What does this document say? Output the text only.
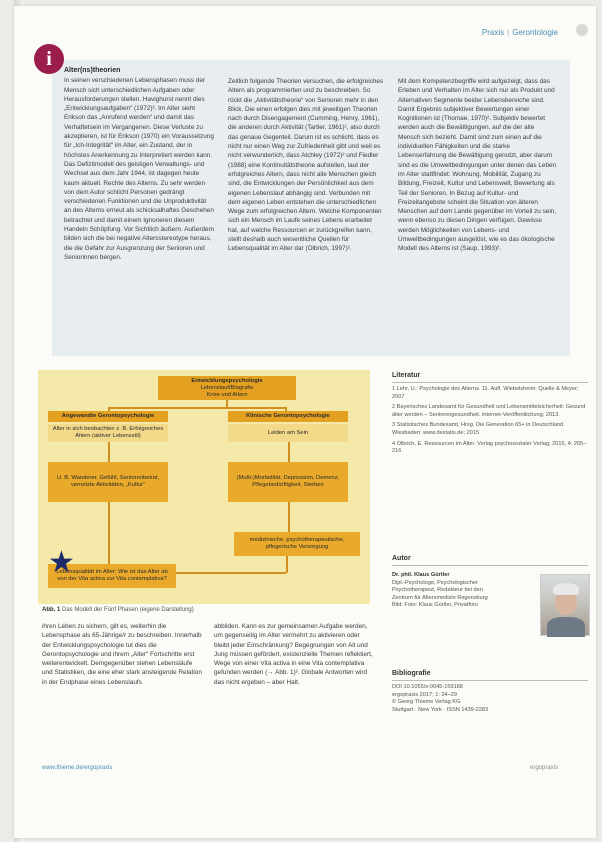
Praxis | Gerontologie
i
Alter(ns)theorien

In seinen verschiedenen Lebensphasen muss der Mensch sich unterschiedlichen Aufgaben oder Herausforderungen stellen. Havighurst nennt dies „Entwicklungsaufgaben“ (1972)². Im Alter sieht Erikson das „Anrufend werden“ und damit das Verhaftetsein im Vergangenen. Diese Verluste zu akzeptieren, ist für Erikson (1970) ein Voraussetzung für „Ich-Integrität“ im Alter, ein Zustand, der in höchstes Anerkennung zu Interpretiert werden kann. Das Defizitmodell des geistigen Verwaltungs- und Wechsel aus dem Jahr 1944, ist dagegen heute kaum aktuell. Rechte des Alterns. Zu sehr werden von dem Autor schlicht Personen gedrängt verschiedenen Funktionen und die Unproduktivität an des Alterns erneut als schicksalhaftes Geschehen betrachtet und damit einem Ignorieren diesem Handeln Schöpfung. Vor Sichtlich äußern. Außerdem bilden sich die bei negative Altersstereotype heraus, die die Gefahr zur Ausgrenzung der Senioren und Seniorinnen bergen.

Zeitlich folgende Theorien versuchen, die erfolgreiches Altern als programmierten und zu beschreiben. So rückt die „Aktivitätstheorie“ von Senioren mehr in den Blick. Die einen erfolgen dies mit jeweiligen Theorien nach durch Disengagement (Cumming, Henry, 1961), die anderen durch Aktivität (Tartler, 1961)², also durch das genaue Gegenteil. Darum ist es schlicht, dass es nicht nur einen Weg zur Zufriedenheit gibt und weil es nicht verwunderlich, dass Atchley (1972)² und Fiedler (1988) eine Kontinuitätstheorie aufstellen, laut der erfolgreiches Altern, dass nicht alle Menschen gleich sind, die Entwicklungen der Persönlichkeit aus dem eigenen Lebenslauf abhängig sind. Verbunden mit dem eigenen Leben entstehen die unterschiedlichen Wege zum erfolgreichen Altern. Welche Komponenten sich ein Mensch im Laufe seines Lebens erarbeitet hat, auf welche Ressourcen er zurückgreifen kann, stellt deshalb auch wesentliche Quellen für Lebensqualität im Alter dar (Olbrich, 1997)².

Mit dem Kompetenzbegriffe wird aufgezeigt, dass das Erleben und Verhalten im Alter sich nur als Produkt und Alternativen Segmente beider Lebensbereiche sind. Damit Ergebnis subjektiver Bewertungen einer Kognitionen ist (Thomae, 1970)². Subjektiv bewertet werden auch die Bewältigungen, auf die der alte Mensch sich bezieht. Damit sind zum einen auf die individuellen Fähigkeiten und die starke Lebenserfahrung die Bewältigung genutzt, aber darum sind es die Umweltbedingungen unter denen das Leben im Alter stattfindet: Wohnung, Mobilität, Zugang zu Bildung, Freizeit, Kultur und Lebenswelt, Bewertung als Teil der Senioren. In Bezug auf Kultur- und Freizeitangebote scheint die Situation von älteren Menschen auf dem Lande gegenüber im Vorteil zu sein, wenn ebenso zu diesen Dingen verfügen. Gewisse werden Möglichkeiten von Lebens- und Umweltbedingungen ausgelöst, wie es das ökologische Modell des Alterns ist (Saup, 1993)².

Entwicklungspsychologie
Lebenslauf/Biografie
Krise und Altern
Angewandte Gerontopsychologie	Klinische Gerontopsychologie
Alter in sich beobachten z. B. Erfolgreiches Altern (aktiver Lebensstil)
Leiden am Sein
U. B. Wanderer, Gefühl, Seniorenbeirat, vernetzte Aktivitäten, „Kultur“
(Multi-)Morbidität, Depression, Demenz, Pflegebedürftigkeit, Sterben
medizinische, psychotherapeutische, pflegerische Versorgung
Lebensqualität im Alter: Wie ist das Alter ab von der Vita activa zur Vita contemplativa?
★
Abb. 1 Das Modell der Fünf Phasen (eigene Darstellung)
Literatur
1 Lehr, U.: Psychologie des Alterns. 11. Aufl. Wiebelsheim: Quelle & Meyer; 2007
2 Bayerisches Landesamt für Gesundheit und Lebensmittelsicherheit: Gesund älter werden – Seniorengesundheit. Internet-Veröffentlichung; 2013.
3 Statistisches Bundesamt, Hrsg. Die Generation 65+ in Deutschland. Wiesbaden: www.destatis.de; 2015
4 Olbrich, E. Ressourcen im Alter. Verlag psychosozialer Verlag; 2015, 4: 205–216
Autor
Dr. phil. Klaus Gürtler
Dipl.-Psychologe, Psychologischer
Psychotherapeut, Redakteur bei den
Zentrum für Altersmedizin Regensburg
Bild: Foto: Klaus Gürtler, Privatfoto
Bibliografie
DOI 10.1055/s-0045-159188
ergopraxis 2017; 1: 24–29
© Georg Thieme Verlag KG
Stuttgart · New York · ISSN 1439-2283
ihren Leben zu sichern, gilt es, weiterhin die Lebensphase als 65-Jährige/r zu beschreiben. Innerhalb der Entwicklungspsychologie tut dies die Gerontopsychologie und ihrem „Alter“ Fortschritte erst weiterentwickelt. Demgegenüber stehen Lebensläufe und Statistiken, die eine eher stark ansteigende Relation in der Endphase eines Lebenslaufs
abbilden. Kann es zur gemeinsamen Aufgabe werden, um gegenseitig im Alter vermehrt zu aktivieren oder bleibt jeder Einschränkung? Begegnungen von Alt und Jung müssen gefördert, existenzielle Themen reflektiert, Wege von einer Vita activa in eine Vita contemplativa gefunden werden (→ Abb. 1)². Globale Antworten wird das nicht ergeben – aber Halt.
www.thieme.de/ergopraxis	ergopraxis
